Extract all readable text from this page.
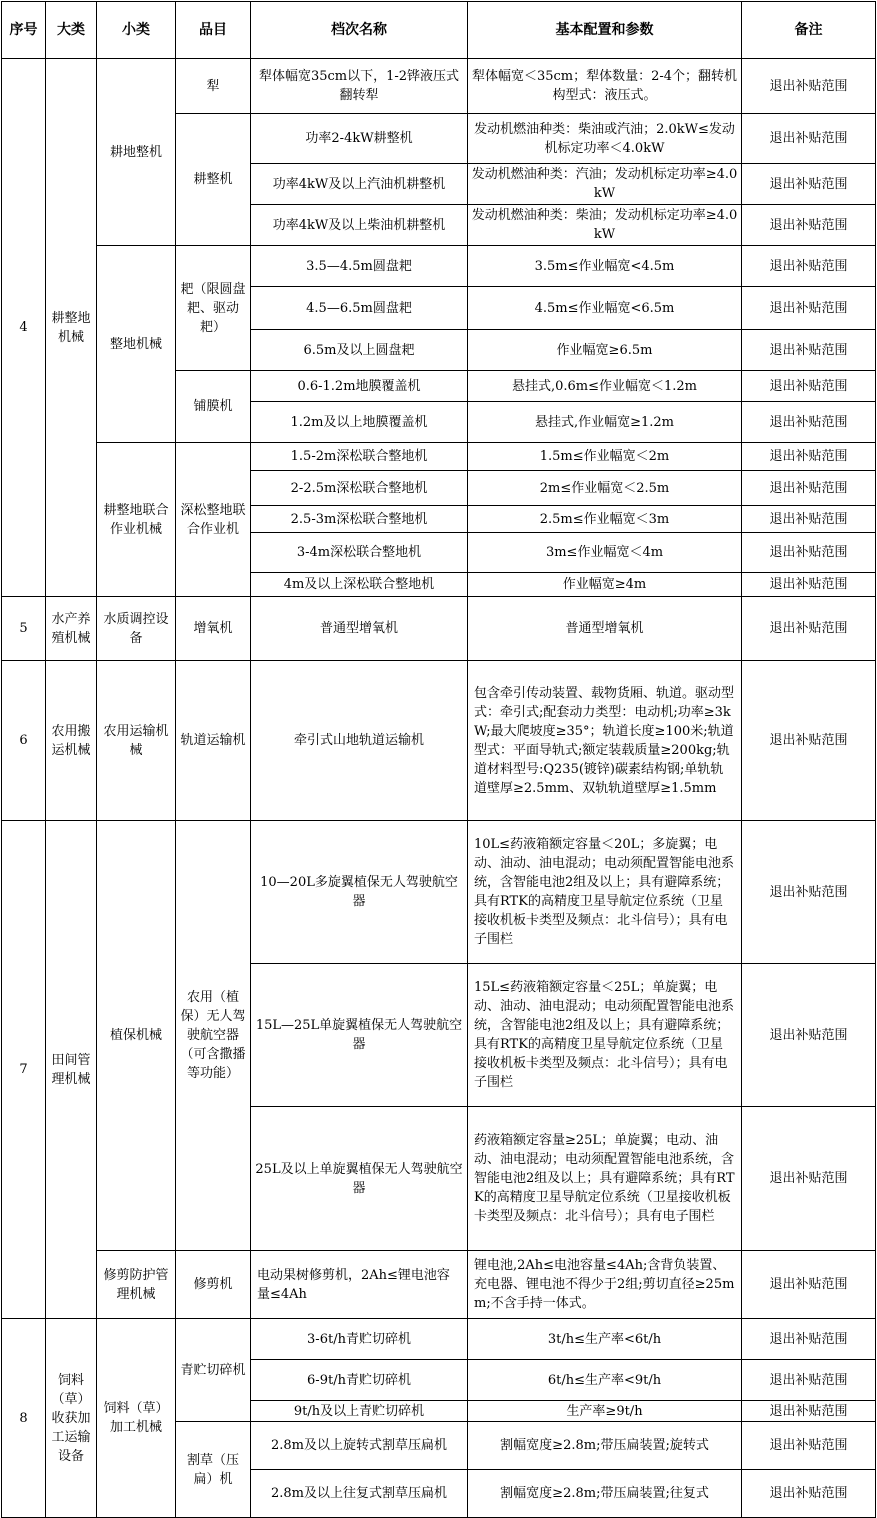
序号	大类	小类	品目	档次名称	基本配置和参数	备注
4	耕整地机械	耕地整机	犁	犁体幅宽35cm以下，1-2铧液压式翻转犁	犁体幅宽＜35cm；犁体数量：2-4个；翻转机构型式：液压式。	退出补贴范围
			耕整机	功率2-4kW耕整机	发动机燃油种类：柴油或汽油；2.0kW≤发动机标定功率＜4.0kW	退出补贴范围
				功率4kW及以上汽油机耕整机	发动机燃油种类：汽油；发动机标定功率≥4.0kW	退出补贴范围
				功率4kW及以上柴油机耕整机	发动机燃油种类：柴油；发动机标定功率≥4.0kW	退出补贴范围
		整地机械	耙（限圆盘耙、驱动耙）	3.5—4.5m圆盘耙	3.5m≤作业幅宽<4.5m	退出补贴范围
				4.5—6.5m圆盘耙	4.5m≤作业幅宽<6.5m	退出补贴范围
				6.5m及以上圆盘耙	作业幅宽≥6.5m	退出补贴范围
			铺膜机	0.6-1.2m地膜覆盖机	悬挂式,0.6m≤作业幅宽＜1.2m	退出补贴范围
				1.2m及以上地膜覆盖机	悬挂式,作业幅宽≥1.2m	退出补贴范围
		耕整地联合作业机械	深松整地联合作业机	1.5-2m深松联合整地机	1.5m≤作业幅宽＜2m	退出补贴范围
				2-2.5m深松联合整地机	2m≤作业幅宽＜2.5m	退出补贴范围
				2.5-3m深松联合整地机	2.5m≤作业幅宽＜3m	退出补贴范围
				3-4m深松联合整地机	3m≤作业幅宽＜4m	退出补贴范围
				4m及以上深松联合整地机	作业幅宽≥4m	退出补贴范围
5	水产养殖机械	水质调控设备	增氧机	普通型增氧机	普通型增氧机	退出补贴范围
6	农用搬运机械	农用运输机械	轨道运输机	牵引式山地轨道运输机	包含牵引传动装置、载物货厢、轨道。驱动型式：牵引式;配套动力类型：电动机;功率≥3kW;最大爬坡度≥35°；轨道长度≥100米;轨道型式：平面导轨式;额定装载质量≥200kg;轨道材料型号:Q235(镀锌)碳素结构钢;单轨轨道壁厚≥2.5mm、双轨轨道壁厚≥1.5mm	退出补贴范围
7	田间管理机械	植保机械	农用（植保）无人驾驶航空器（可含撒播等功能）	10—20L多旋翼植保无人驾驶航空器	10L≤药液箱额定容量＜20L；多旋翼；电动、油动、油电混动；电动须配置智能电池系统，含智能电池2组及以上；具有避障系统；具有RTK的高精度卫星导航定位系统（卫星接收机板卡类型及频点：北斗信号）；具有电子围栏	退出补贴范围
				15L—25L单旋翼植保无人驾驶航空器	15L≤药液箱额定容量＜25L；单旋翼；电动、油动、油电混动；电动须配置智能电池系统，含智能电池2组及以上；具有避障系统；具有RTK的高精度卫星导航定位系统（卫星接收机板卡类型及频点：北斗信号）；具有电子围栏	退出补贴范围
				25L及以上单旋翼植保无人驾驶航空器	药液箱额定容量≥25L；单旋翼；电动、油动、油电混动；电动须配置智能电池系统，含智能电池2组及以上；具有避障系统；具有RTK的高精度卫星导航定位系统（卫星接收机板卡类型及频点：北斗信号）；具有电子围栏	退出补贴范围
		修剪防护管理机械	修剪机	电动果树修剪机，2Ah≤锂电池容量≤4Ah	锂电池,2Ah≤电池容量≤4Ah;含背负装置、充电器、锂电池不得少于2组;剪切直径≥25mm;不含手持一体式。	退出补贴范围
8	饲料（草）收获加工运输设备	饲料（草）加工机械	青贮切碎机	3-6t/h青贮切碎机	3t/h≤生产率<6t/h	退出补贴范围
				6-9t/h青贮切碎机	6t/h≤生产率<9t/h	退出补贴范围
				9t/h及以上青贮切碎机	生产率≥9t/h	退出补贴范围
			割草（压扁）机	2.8m及以上旋转式割草压扁机	割幅宽度≥2.8m;带压扁装置;旋转式	退出补贴范围
				2.8m及以上往复式割草压扁机	割幅宽度≥2.8m;带压扁装置;往复式	退出补贴范围
